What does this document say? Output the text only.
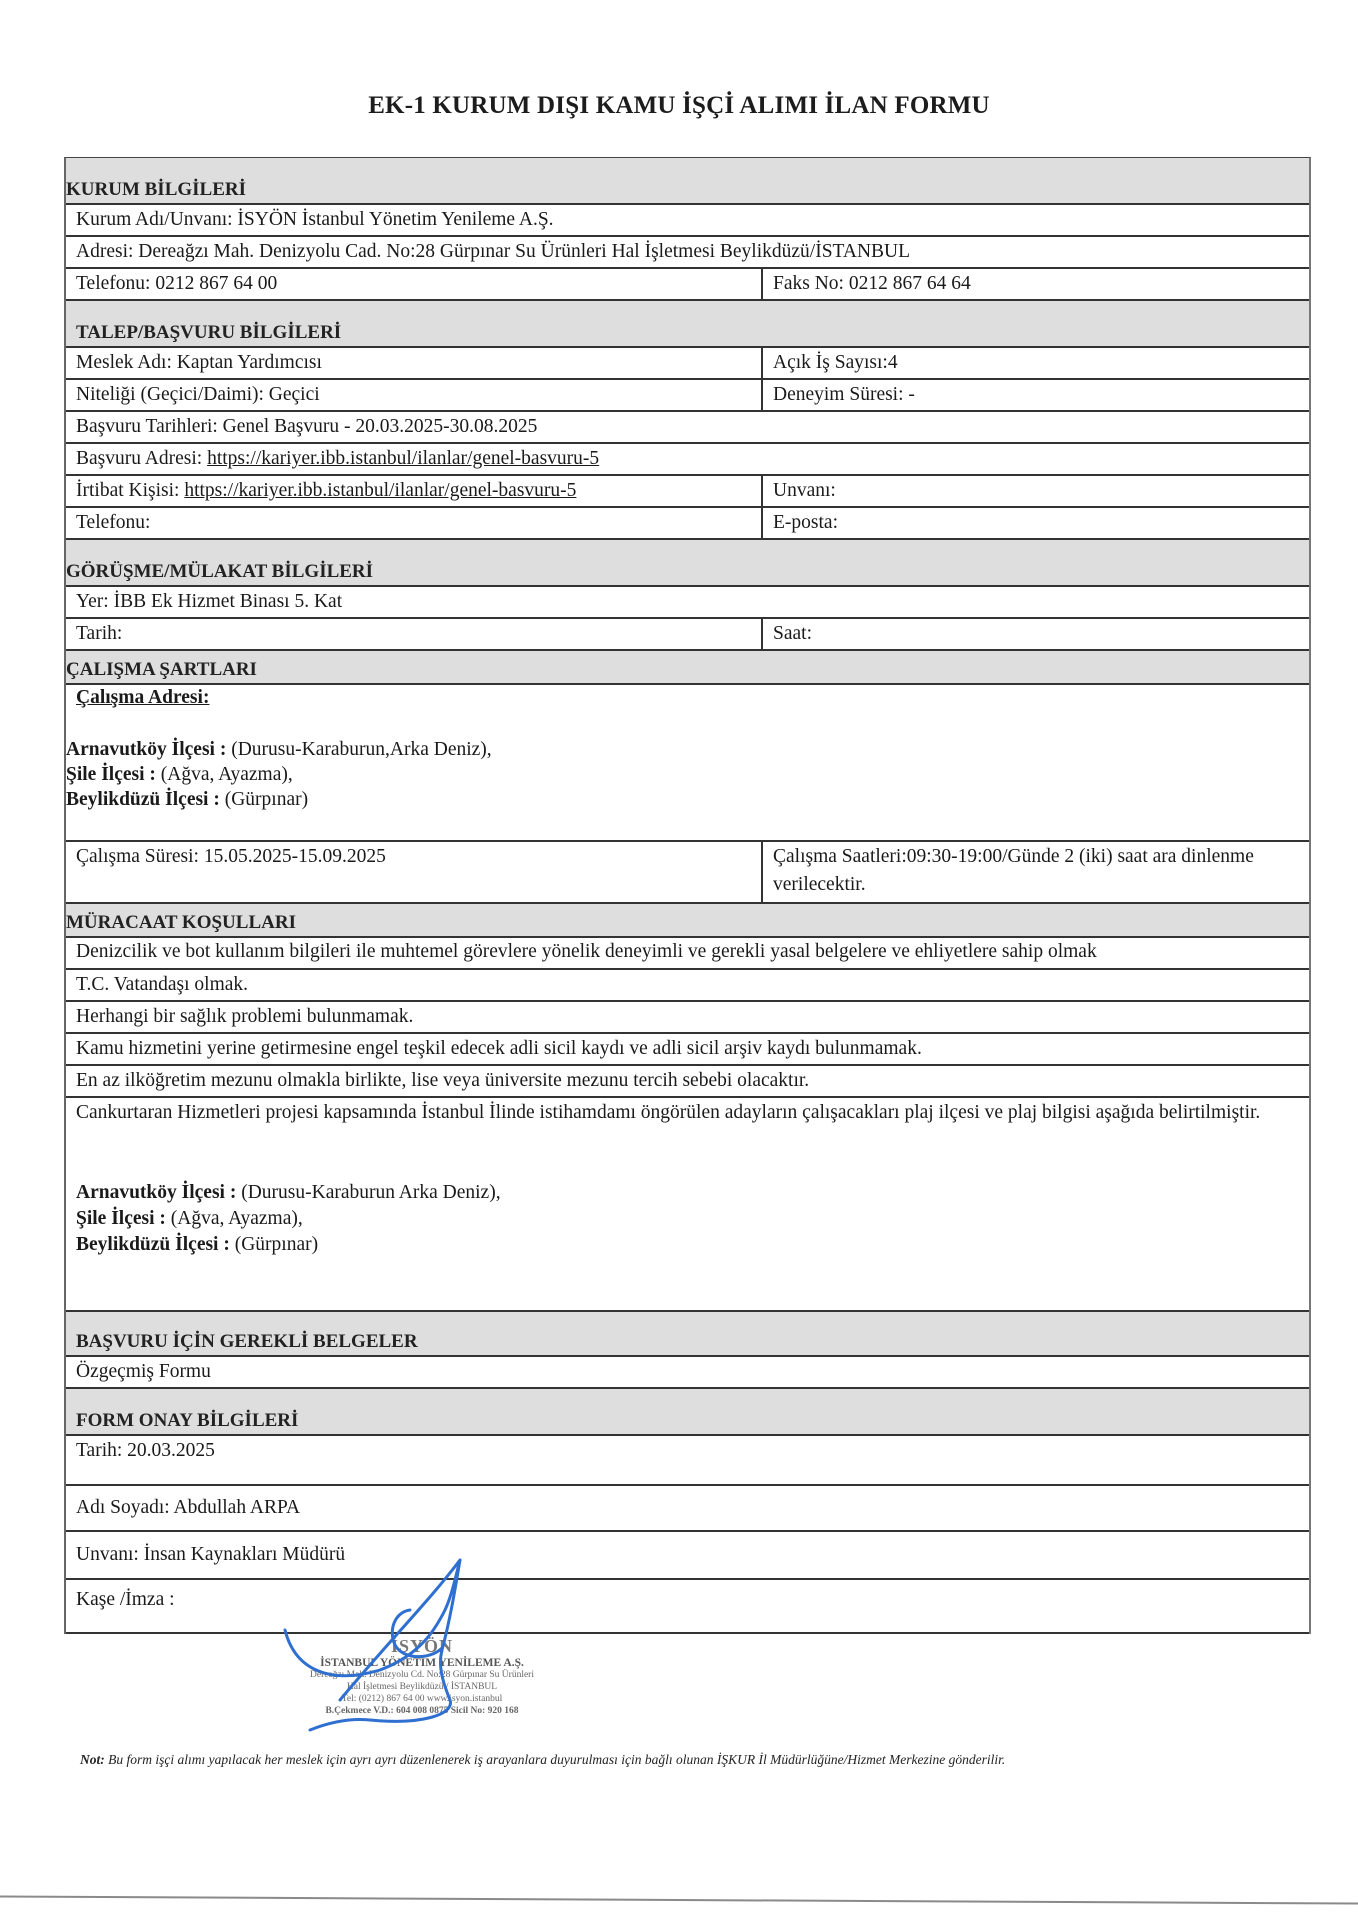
EK-1 KURUM DIŞI KAMU İŞÇİ ALIMI İLAN FORMU
KURUM BİLGİLERİ
Kurum Adı/Unvanı: İSYÖN İstanbul Yönetim Yenileme A.Ş.
Adresi: Dereağzı Mah. Denizyolu Cad. No:28 Gürpınar Su Ürünleri Hal İşletmesi Beylikdüzü/İSTANBUL
Telefonu: 0212 867 64 00	Faks No: 0212 867 64 64
TALEP/BAŞVURU BİLGİLERİ
Meslek Adı: Kaptan Yardımcısı	Açık İş Sayısı:4
Niteliği (Geçici/Daimi): Geçici	Deneyim Süresi: -
Başvuru Tarihleri: Genel Başvuru - 20.03.2025-30.08.2025
Başvuru Adresi: https://kariyer.ibb.istanbul/ilanlar/genel-basvuru-5
İrtibat Kişisi: https://kariyer.ibb.istanbul/ilanlar/genel-basvuru-5	Unvanı:
Telefonu:	E-posta:
GÖRÜŞME/MÜLAKAT BİLGİLERİ
Yer: İBB Ek Hizmet Binası 5. Kat
Tarih:	Saat:
ÇALIŞMA ŞARTLARI
Çalışma Adresi:
Arnavutköy İlçesi : (Durusu-Karaburun,Arka Deniz),
Şile İlçesi : (Ağva, Ayazma),
Beylikdüzü İlçesi : (Gürpınar)
Çalışma Süresi: 15.05.2025-15.09.2025	Çalışma Saatleri:09:30-19:00/Günde 2 (iki) saat ara dinlenme verilecektir.
MÜRACAAT KOŞULLARI
Denizcilik ve bot kullanım bilgileri ile muhtemel görevlere yönelik deneyimli ve gerekli yasal belgelere ve ehliyetlere sahip olmak
T.C. Vatandaşı olmak.
Herhangi bir sağlık problemi bulunmamak.
Kamu hizmetini yerine getirmesine engel teşkil edecek adli sicil kaydı ve adli sicil arşiv kaydı bulunmamak.
En az ilköğretim mezunu olmakla birlikte, lise veya üniversite mezunu tercih sebebi olacaktır.
Cankurtaran Hizmetleri projesi kapsamında İstanbul İlinde istihamdamı öngörülen adayların çalışacakları plaj ilçesi ve plaj bilgisi aşağıda belirtilmiştir.
Arnavutköy İlçesi : (Durusu-Karaburun Arka Deniz),
Şile İlçesi : (Ağva, Ayazma),
Beylikdüzü İlçesi : (Gürpınar)
BAŞVURU İÇİN GEREKLİ BELGELER
Özgeçmiş Formu
FORM ONAY BİLGİLERİ
Tarih: 20.03.2025
Adı Soyadı: Abdullah ARPA
Unvanı: İnsan Kaynakları Müdürü
Kaşe /İmza :
İSYÖN
İSTANBUL YÖNETİM YENİLEME A.Ş.
Dereağzı Mah. Denizyolu Cd. No:28 Gürpınar Su Ürünleri
Hal İşletmesi Beylikdüzü / İSTANBUL
Tel: (0212) 867 64 00 www.isyon.istanbul
B.Çekmece V.D.: 604 008 0875 Sicil No: 920 168
Not: Bu form işçi alımı yapılacak her meslek için ayrı ayrı düzenlenerek iş arayanlara duyurulması için bağlı olunan İŞKUR İl Müdürlüğüne/Hizmet Merkezine gönderilir.
